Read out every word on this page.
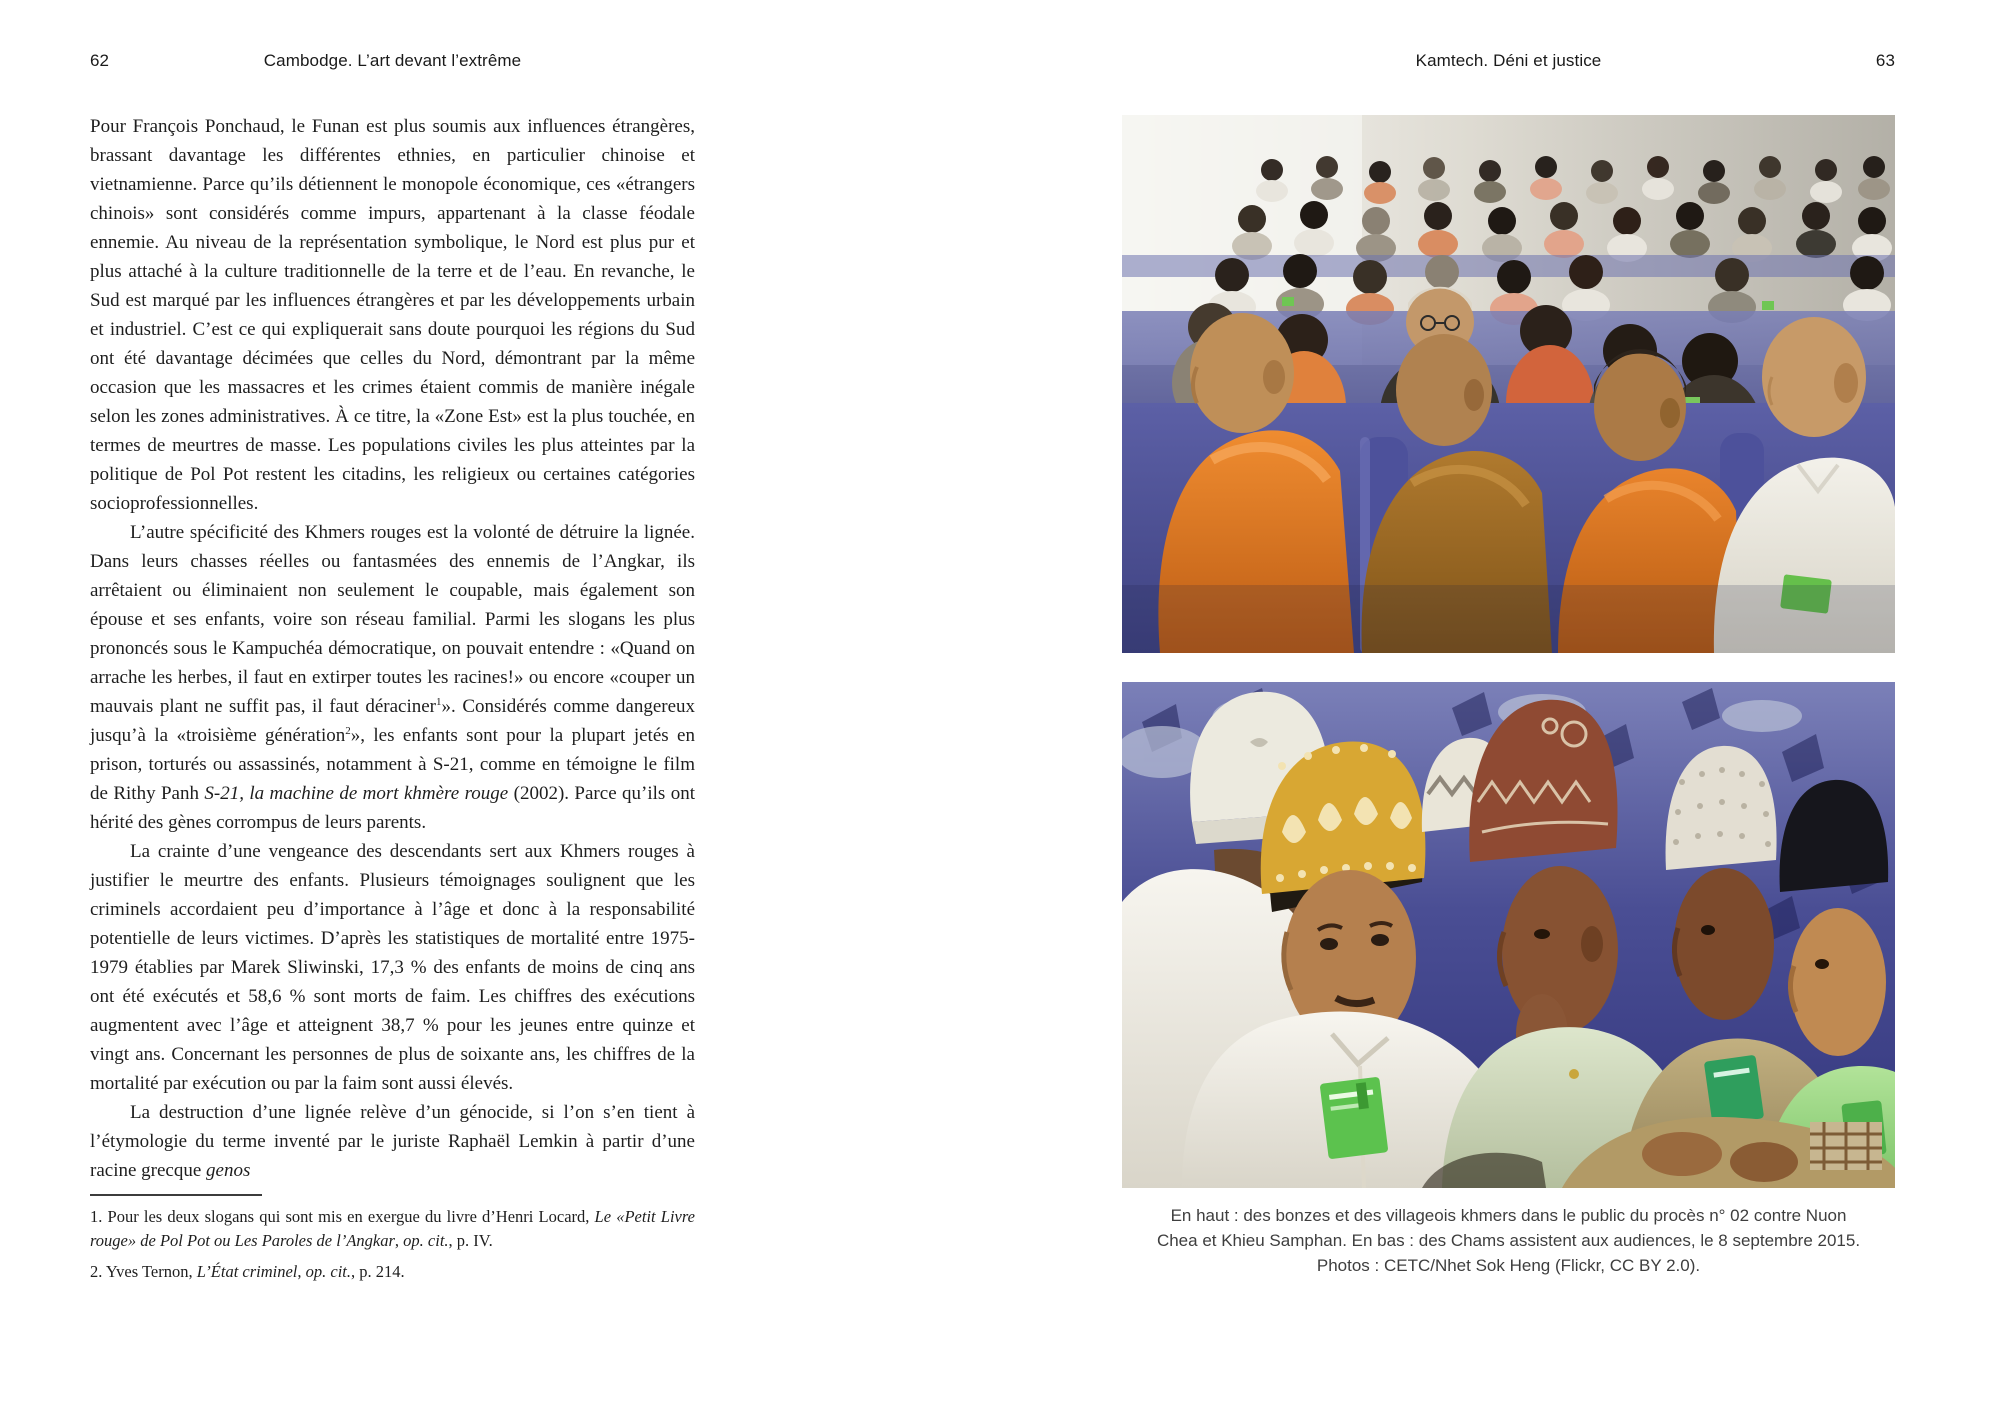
62	Cambodge. L’art devant l’extrême	Kamtech. Déni et justice	63

Pour François Ponchaud, le Funan est plus soumis aux influences étrangères, brassant davantage les différentes ethnies, en particulier chinoise et vietnamienne. Parce qu’ils détiennent le monopole économique, ces «étrangers chinois» sont considérés comme impurs, appartenant à la classe féodale ennemie. Au niveau de la représentation symbolique, le Nord est plus pur et plus attaché à la culture traditionnelle de la terre et de l’eau. En revanche, le Sud est marqué par les influences étrangères et par les développements urbain et industriel. C’est ce qui expliquerait sans doute pourquoi les régions du Sud ont été davantage décimées que celles du Nord, démontrant par la même occasion que les massacres et les crimes étaient commis de manière inégale selon les zones administratives. À ce titre, la «Zone Est» est la plus touchée, en termes de meurtres de masse. Les populations civiles les plus atteintes par la politique de Pol Pot restent les citadins, les religieux ou certaines catégories socioprofessionnelles.

L’autre spécificité des Khmers rouges est la volonté de détruire la lignée. Dans leurs chasses réelles ou fantasmées des ennemis de l’Angkar, ils arrêtaient ou éliminaient non seulement le coupable, mais également son épouse et ses enfants, voire son réseau familial. Parmi les slogans les plus prononcés sous le Kampuchéa démocratique, on pouvait entendre : «Quand on arrache les herbes, il faut en extirper toutes les racines!» ou encore «couper un mauvais plant ne suffit pas, il faut déraciner$^1$». Considérés comme dangereux jusqu’à la «troisième génération$^2$», les enfants sont pour la plupart jetés en prison, torturés ou assassinés, notamment à S-21, comme en témoigne le film de Rithy Panh S-21, la machine de mort khmère rouge (2002). Parce qu’ils ont hérité des gènes corrompus de leurs parents.

La crainte d’une vengeance des descendants sert aux Khmers rouges à justifier le meurtre des enfants. Plusieurs témoignages soulignent que les criminels accordaient peu d’importance à l’âge et donc à la responsabilité potentielle de leurs victimes. D’après les statistiques de mortalité entre 1975-1979 établies par Marek Sliwinski, 17,3 % des enfants de moins de cinq ans ont été exécutés et 58,6 % sont morts de faim. Les chiffres des exécutions augmentent avec l’âge et atteignent 38,7 % pour les jeunes entre quinze et vingt ans. Concernant les personnes de plus de soixante ans, les chiffres de la mortalité par exécution ou par la faim sont aussi élevés.

La destruction d’une lignée relève d’un génocide, si l’on s’en tient à l’étymologie du terme inventé par le juriste Raphaël Lemkin à partir d’une racine grecque genos

1. Pour les deux slogans qui sont mis en exergue du livre d’Henri Locard, Le «Petit Livre rouge» de Pol Pot ou Les Paroles de l’Angkar, op. cit., p. IV.

2. Yves Ternon, L’État criminel, op. cit., p. 214.

En haut : des bonzes et des villageois khmers dans le public du procès n° 02 contre Nuon
Chea et Khieu Samphan. En bas : des Chams assistent aux audiences, le 8 septembre 2015.
Photos : CETC/Nhet Sok Heng (Flickr, CC BY 2.0).
